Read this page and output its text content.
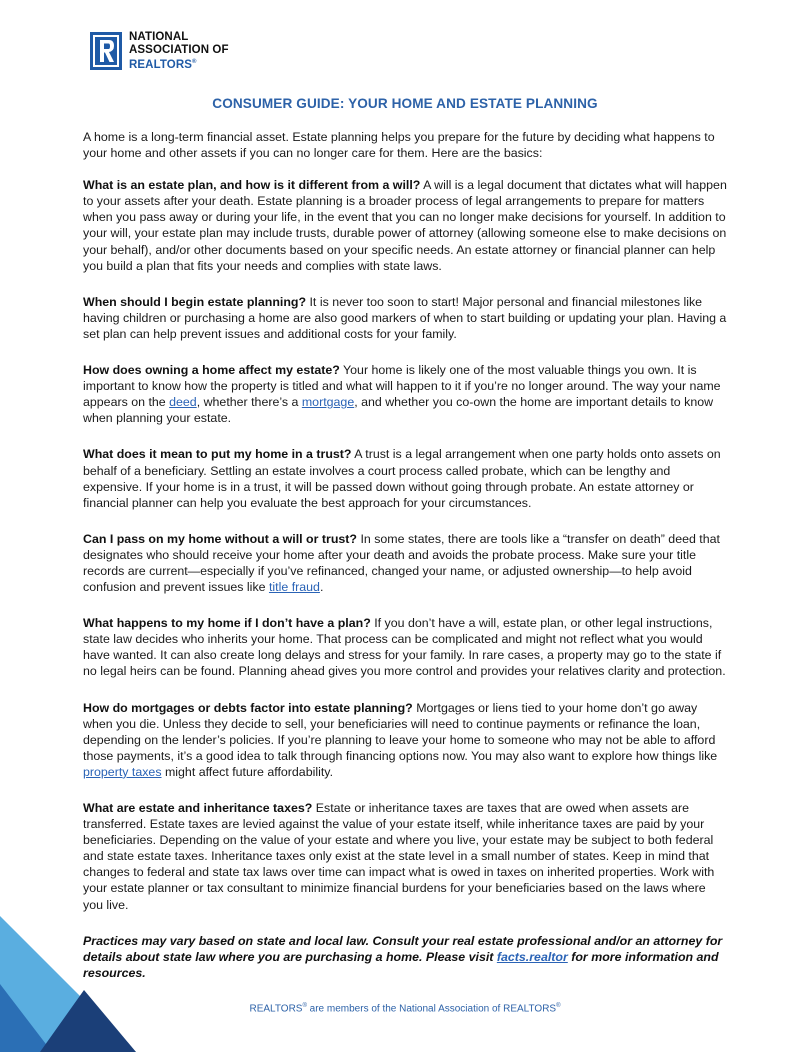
NATIONAL
ASSOCIATION OF
REALTORS®
CONSUMER GUIDE: YOUR HOME AND ESTATE PLANNING

A home is a long-term financial asset. Estate planning helps you prepare for the future by deciding what happens to your home and other assets if you can no longer care for them. Here are the basics:

What is an estate plan, and how is it different from a will? A will is a legal document that dictates what will happen to your assets after your death. Estate planning is a broader process of legal arrangements to prepare for matters when you pass away or during your life, in the event that you can no longer make decisions for yourself. In addition to your will, your estate plan may include trusts, durable power of attorney (allowing someone else to make decisions on your behalf), and/or other documents based on your specific needs. An estate attorney or financial planner can help you build a plan that fits your needs and complies with state laws.

When should I begin estate planning? It is never too soon to start! Major personal and financial milestones like having children or purchasing a home are also good markers of when to start building or updating your plan. Having a set plan can help prevent issues and additional costs for your family.

How does owning a home affect my estate? Your home is likely one of the most valuable things you own. It is important to know how the property is titled and what will happen to it if you’re no longer around. The way your name appears on the deed, whether there’s a mortgage, and whether you co-own the home are important details to know when planning your estate.

What does it mean to put my home in a trust? A trust is a legal arrangement when one party holds onto assets on behalf of a beneficiary. Settling an estate involves a court process called probate, which can be lengthy and expensive. If your home is in a trust, it will be passed down without going through probate. An estate attorney or financial planner can help you evaluate the best approach for your circumstances.

Can I pass on my home without a will or trust? In some states, there are tools like a “transfer on death” deed that designates who should receive your home after your death and avoids the probate process. Make sure your title records are current—especially if you’ve refinanced, changed your name, or adjusted ownership—to help avoid confusion and prevent issues like title fraud.

What happens to my home if I don’t have a plan? If you don’t have a will, estate plan, or other legal instructions, state law decides who inherits your home. That process can be complicated and might not reflect what you would have wanted. It can also create long delays and stress for your family. In rare cases, a property may go to the state if no legal heirs can be found. Planning ahead gives you more control and provides your relatives clarity and protection.

How do mortgages or debts factor into estate planning? Mortgages or liens tied to your home don’t go away when you die. Unless they decide to sell, your beneficiaries will need to continue payments or refinance the loan, depending on the lender’s policies. If you’re planning to leave your home to someone who may not be able to afford those payments, it’s a good idea to talk through financing options now. You may also want to explore how things like property taxes might affect future affordability.

What are estate and inheritance taxes? Estate or inheritance taxes are taxes that are owed when assets are transferred. Estate taxes are levied against the value of your estate itself, while inheritance taxes are paid by your beneficiaries. Depending on the value of your estate and where you live, your estate may be subject to both federal and state estate taxes. Inheritance taxes only exist at the state level in a small number of states. Keep in mind that changes to federal and state tax laws over time can impact what is owed in taxes on inherited properties. Work with your estate planner or tax consultant to minimize financial burdens for your beneficiaries based on the laws where you live.

Practices may vary based on state and local law. Consult your real estate professional and/or an attorney for details about state law where you are purchasing a home. Please visit facts.realtor for more information and resources.

REALTORS® are members of the National Association of REALTORS®
